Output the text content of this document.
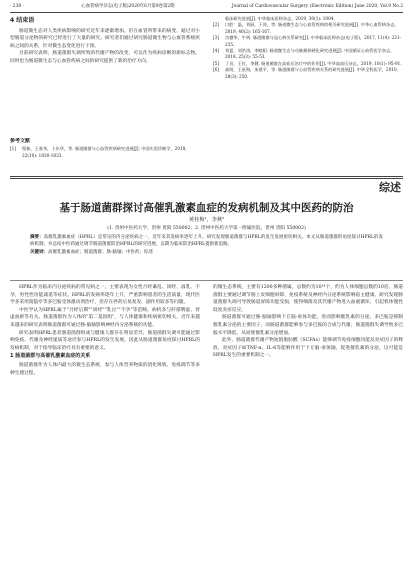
· 238 ·	心血管病学杂志(电子版)2020年6月第9卷第2期	Journal of Cardiovascular Surgery (Electronic Edition) June 2020, Vol.9 No.2
4 结束语

肠道微生态对人类疾病影响的研究近年来逐渐增加。但在血管所带来的病变、通过对小型肠道分泌物的研究已经进行了大量的研究。研究者们通过研究肠道微生物与心血管系统疾病之间的关系，针对微生态变化进行干预。

目前研究表明，肠道菌群失调所致的代谢产物的改变，可以作为疾病诊断的新标志物。同时也为肠道微生态与心血管疾病之间的研究提供了新的治疗方向。

参考文献
[1]	倪新，王春华，卜庆华，等. 肠道菌群与心血管疾病研究进展[J]. 中国实验诊断学，2018，22(10): 1830-1833.
临床研究进展[J]. 中华临床医师杂志，2019, 30(1): 1004.
[2]	口腔：温，刘丽，于涛，等. 肠道微生态与心血管疾病的相关研究进展[J]. 中华心血管病杂志，2019, 40(2): 165-167.
[3]	肖德华，牛明. 肠道菌群与冠心病关系研究[J]. 中华临床医师杂志(电子版)，2017, 11(4): 231-235.
[4]	刘夏，刘洪涛，李晓阳. 肠道微生态与动脉粥样硬化研究进展[J]. 中国循证心血管医学杂志，2018, 25(3): 55-53.
[5]	丁贝，王红，李健. 肠道菌群在高血压治疗中的作用[J]. 中华高血压杂志，2019, 10(1): 95-91.
[6]	高明，王星海，朱建平，等. 肠道菌群与心血管疾病关系的研究进展[J]. 中华全科医学，2010, 28(3): 250.
综述
基于肠道菌群探讨高催乳激素血症的发病机制及其中医药的防治
黄桂梅¹，李燕²
(1. 贵州中医药大学，贵州 贵阳 550002；2. 贵州中医药大学第一附属医院，贵州 贵阳 550002)
摘要：高催乳激素血症（HPRL）是常见的内分泌疾病之一，近年来其发病率逐年上升。研究发现肠道菌群与HPRL的发生发展密切相关。本文从肠道菌群的角度探讨HPRL的发病机制，并总结中医药通过调节肠道菌群防治HPRL的研究进展，以期为临床防治HPRL提供新思路。
关键词：高催乳激素血症；肠道菌群；肠-脑轴；中医药；综述

HPRL作为临床内分泌疾病的常见病之一，主要表现为女性月经紊乱、闭经、溢乳、不孕，男性性功能减退等症状。HPRL的发病率逐年上升，严重影响患者的生活质量，现代医学多采用溴隐亭等多巴胺受体激动剂治疗，但存在停药后易复发、副作用较多等问题。

中医学认为HPRL属于"月经后期""闭经""乳泣""不孕"等范畴，病机多与肝郁脾虚、肾虚血瘀等有关。肠道菌群作为人体的"第二基因组"，与人体健康和疾病密切相关，近年来越来越多的研究表明肠道菌群可通过肠-脑轴影响神经内分泌系统的功能。

研究表明HPRL患者肠道菌群组成与健康人群存在明显差异，肠道菌群失调可能通过影响免疫、代谢及神经递质等途径参与HPRL的发生发展。因此从肠道菌群角度探讨HPRL的发病机制，对于指导临床治疗具有重要的意义。

1 肠道菌群与高催乳激素血症的关系

肠道菌群作为人体内最大的微生态系统，参与人体营养物质的消化吸收、免疫调节等多种生理过程。

的微生态系统，主要有1200多种菌属，总数约为10¹⁴个，约为人体细胞总数的10倍。肠道菌群主要通过调节肠上皮细胞屏障、免疫系统及神经内分泌系统影响宿主健康。研究发现肠道菌群失调可导致肠道屏障功能受损，使得细菌及其代谢产物进入血液循环，引起机体慢性低度炎症反应。

肠道菌群可通过肠-脑轴影响下丘脑-垂体功能，进而影响催乳素的分泌。多巴胺是抑制催乳素分泌的主要因子，而肠道菌群能够参与多巴胺的合成与代谢，肠道菌群失调导致多巴胺水平降低，从而使催乳素分泌增加。

此外，肠道菌群代谢产物短链脂肪酸（SCFAs）能够调节免疫细胞功能及炎症因子的释放，炎症因子如TNF-α、IL-6等能够作用于下丘脑-垂体轴，促进催乳素的分泌，这可能是HPRL发生的重要机制之一。
